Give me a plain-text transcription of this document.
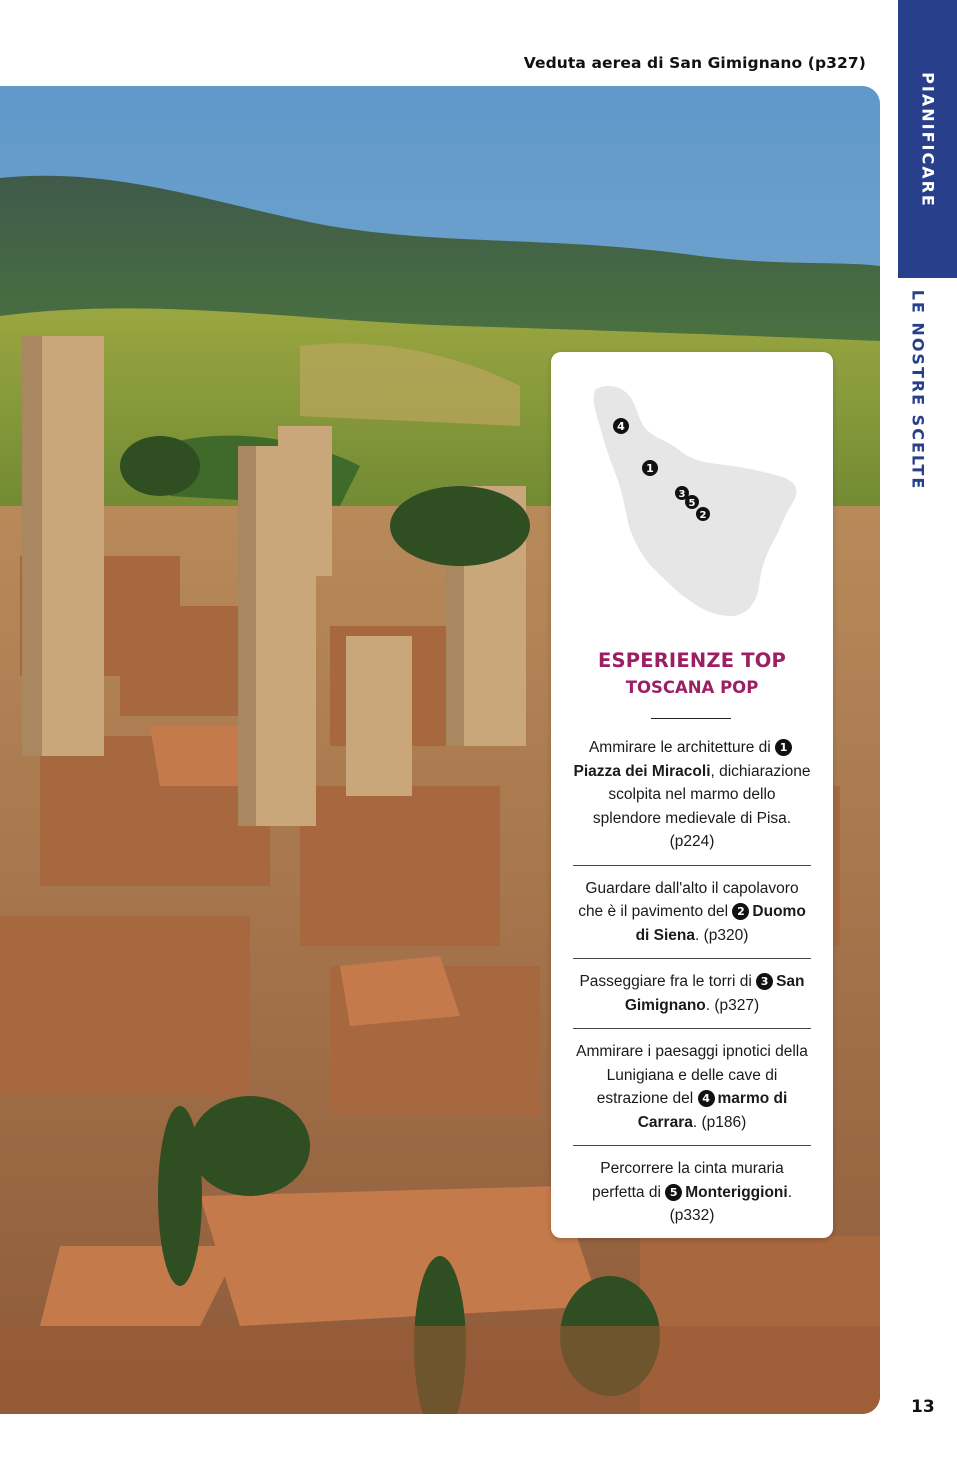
Veduta aerea di San Gimignano (p327)
PIANIFICARE
LE NOSTRE SCELTE
4
1
3
5
2
ESPERIENZE TOP
TOSCANA POP
Ammirare le architetture di 1Piazza dei Miracoli, dichiarazione scolpita nel marmo dello splendore medievale di Pisa. (p224)
Guardare dall'alto il capolavoro che è il pavimento del 2 Duomo di Siena. (p320)
Passeggiare fra le torri di 3 San Gimignano. (p327)
Ammirare i paesaggi ipnotici della Lunigiana e delle cave di estrazione del 4 marmo di Carrara. (p186)
Percorrere la cinta muraria perfetta di 5 Monteriggioni. (p332)
13
